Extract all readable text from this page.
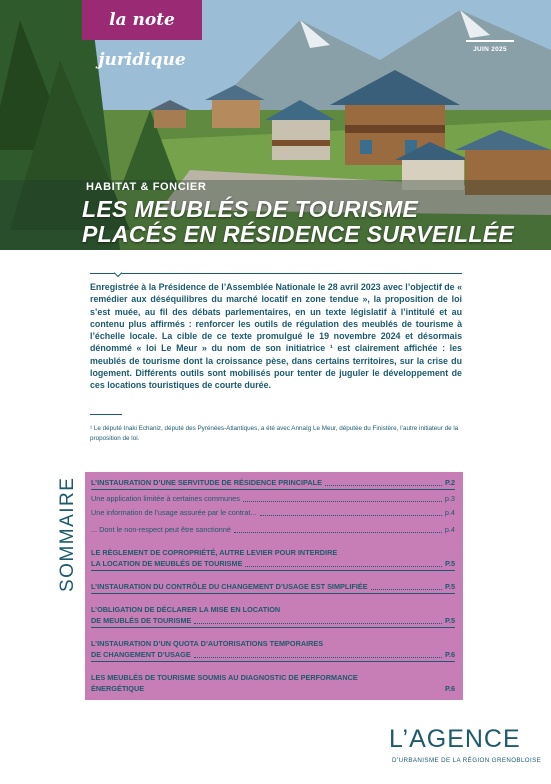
la note juridique
JUIN 2025
HABITAT & FONCIER
LES MEUBLÉS DE TOURISME
PLACÉS EN RÉSIDENCE SURVEILLÉE

Enregistrée à la Présidence de l’Assemblée Nationale le 28 avril 2023 avec l’objectif de « remédier aux déséquilibres du marché locatif en zone tendue », la proposition de loi s’est muée, au fil des débats parlementaires, en un texte législatif à l’intitulé et au contenu plus affirmés : renforcer les outils de régulation des meublés de tourisme à l’échelle locale. La cible de ce texte promulgué le 19 novembre 2024 et désormais dénommé « loi Le Meur » du nom de son initiatrice ¹ est clairement affichée : les meublés de tourisme dont la croissance pèse, dans certains territoires, sur la crise du logement. Différents outils sont mobilisés pour tenter de juguler le développement de ces locations touristiques de courte durée.

¹ Le député Inaki Echaniz, député des Pyrénées-Atlantiques, a été avec Annaïg Le Meur, députée du Finistère, l’autre initiateur de la proposition de loi.

SOMMAIRE	L’INSTAURATION D’UNE SERVITUDE DE RÉSIDENCE PRINCIPALE	P.2
Une application limitée à certaines communes	p.3
Une information de l’usage assurée par le contrat...	p.4
... Dont le non-respect peut être sanctionné	p.4
LE RÈGLEMENT DE COPROPRIÉTÉ, AUTRE LEVIER POUR INTERDIRE
LA LOCATION DE MEUBLÉS DE TOURISME	P.5
L’INSTAURATION DU CONTRÔLE DU CHANGEMENT D’USAGE EST SIMPLIFIÉE	P.5
L’OBLIGATION DE DÉCLARER LA MISE EN LOCATION
DE MEUBLÉS DE TOURISME	P.5
L’INSTAURATION D’UN QUOTA D’AUTORISATIONS TEMPORAIRES
DE CHANGEMENT D’USAGE	P.6
LES MEUBLÉS DE TOURISME SOUMIS AU DIAGNOSTIC DE PERFORMANCE
ÉNERGÉTIQUE	P.6
L’AGENCE
D’URBANISME DE LA RÉGION GRENOBLOISE
